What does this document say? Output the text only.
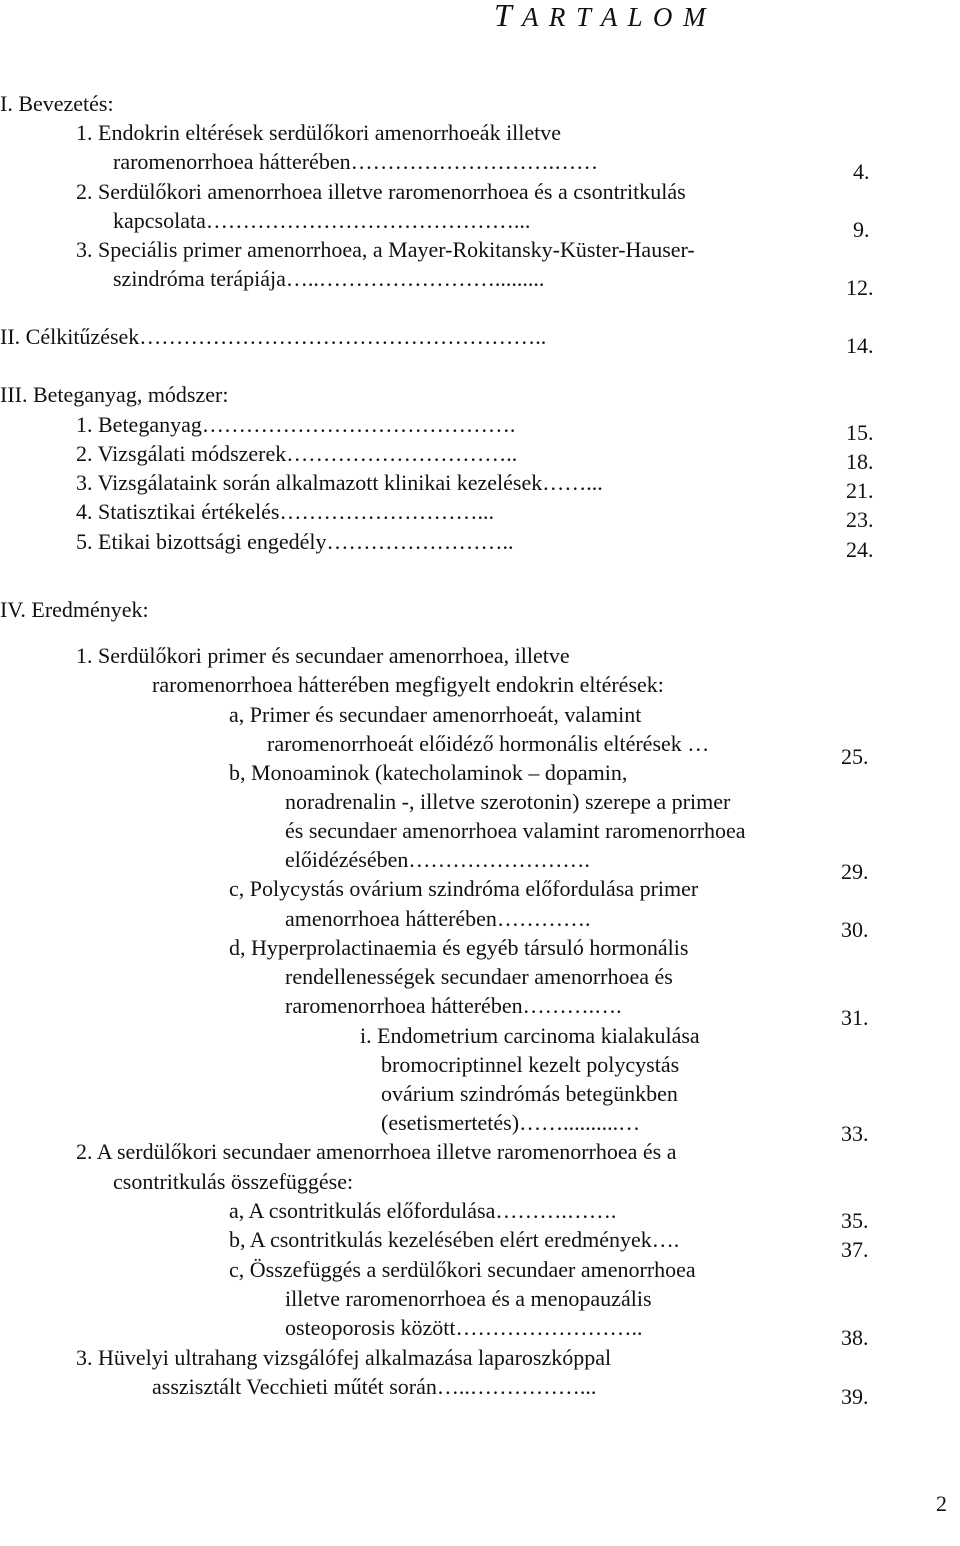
T A R T A L O M
I. Bevezetés:
1. Endokrin eltérések serdülőkori amenorrhoeák illetve
raromenorrhoea hátterében……………………….……	4.
2. Serdülőkori amenorrhoea illetve raromenorrhoea és a csontritkulás
kapcsolata……………………………………...	9.
3. Speciális primer amenorrhoea, a Mayer-Rokitansky-Küster-Hauser-
szindróma terápiája…..…………………….........	12.
II. Célkitűzések………………………………………………..	14.
III. Beteganyag, módszer:
1. Beteganyag…………………………………….	15.
2. Vizsgálati módszerek…………………………..	18.
3. Vizsgálataink során alkalmazott klinikai kezelések……...	21.
4. Statisztikai értékelés………………………...	23.
5. Etikai bizottsági engedély……………………..	24.
IV. Eredmények:
1. Serdülőkori primer és secundaer amenorrhoea, illetve
raromenorrhoea hátterében megfigyelt endokrin eltérések:
a, Primer és secundaer amenorrhoeát, valamint
raromenorrhoeát előidéző hormonális eltérések …
25.
b, Monoaminok (katecholaminok – dopamin,
noradrenalin -, illetve szerotonin) szerepe a primer
és secundaer amenorrhoea valamint raromenorrhoea
előidézésében…………………….	29.
c, Polycystás ovárium szindróma előfordulása primer
amenorrhoea hátterében………….	30.
d, Hyperprolactinaemia és egyéb társuló hormonális
rendellenességek secundaer amenorrhoea és
raromenorrhoea hátterében……….….	31.
i. Endometrium carcinoma kialakulása
bromocriptinnel kezelt polycystás
ovárium szindrómás betegünkben
(esetismertetés)……..........…	33.
2. A serdülőkori secundaer amenorrhoea illetve raromenorrhoea és a
csontritkulás összefüggése:
a, A csontritkulás előfordulása……….…….	35.
b, A csontritkulás kezelésében elért eredmények….	37.
c, Összefüggés a serdülőkori secundaer amenorrhoea
illetve raromenorrhoea és a menopauzális
osteoporosis között……………………..	38.
3. Hüvelyi ultrahang vizsgálófej alkalmazása laparoszkóppal
asszisztált Vecchieti műtét során…..……………...	39.
2
